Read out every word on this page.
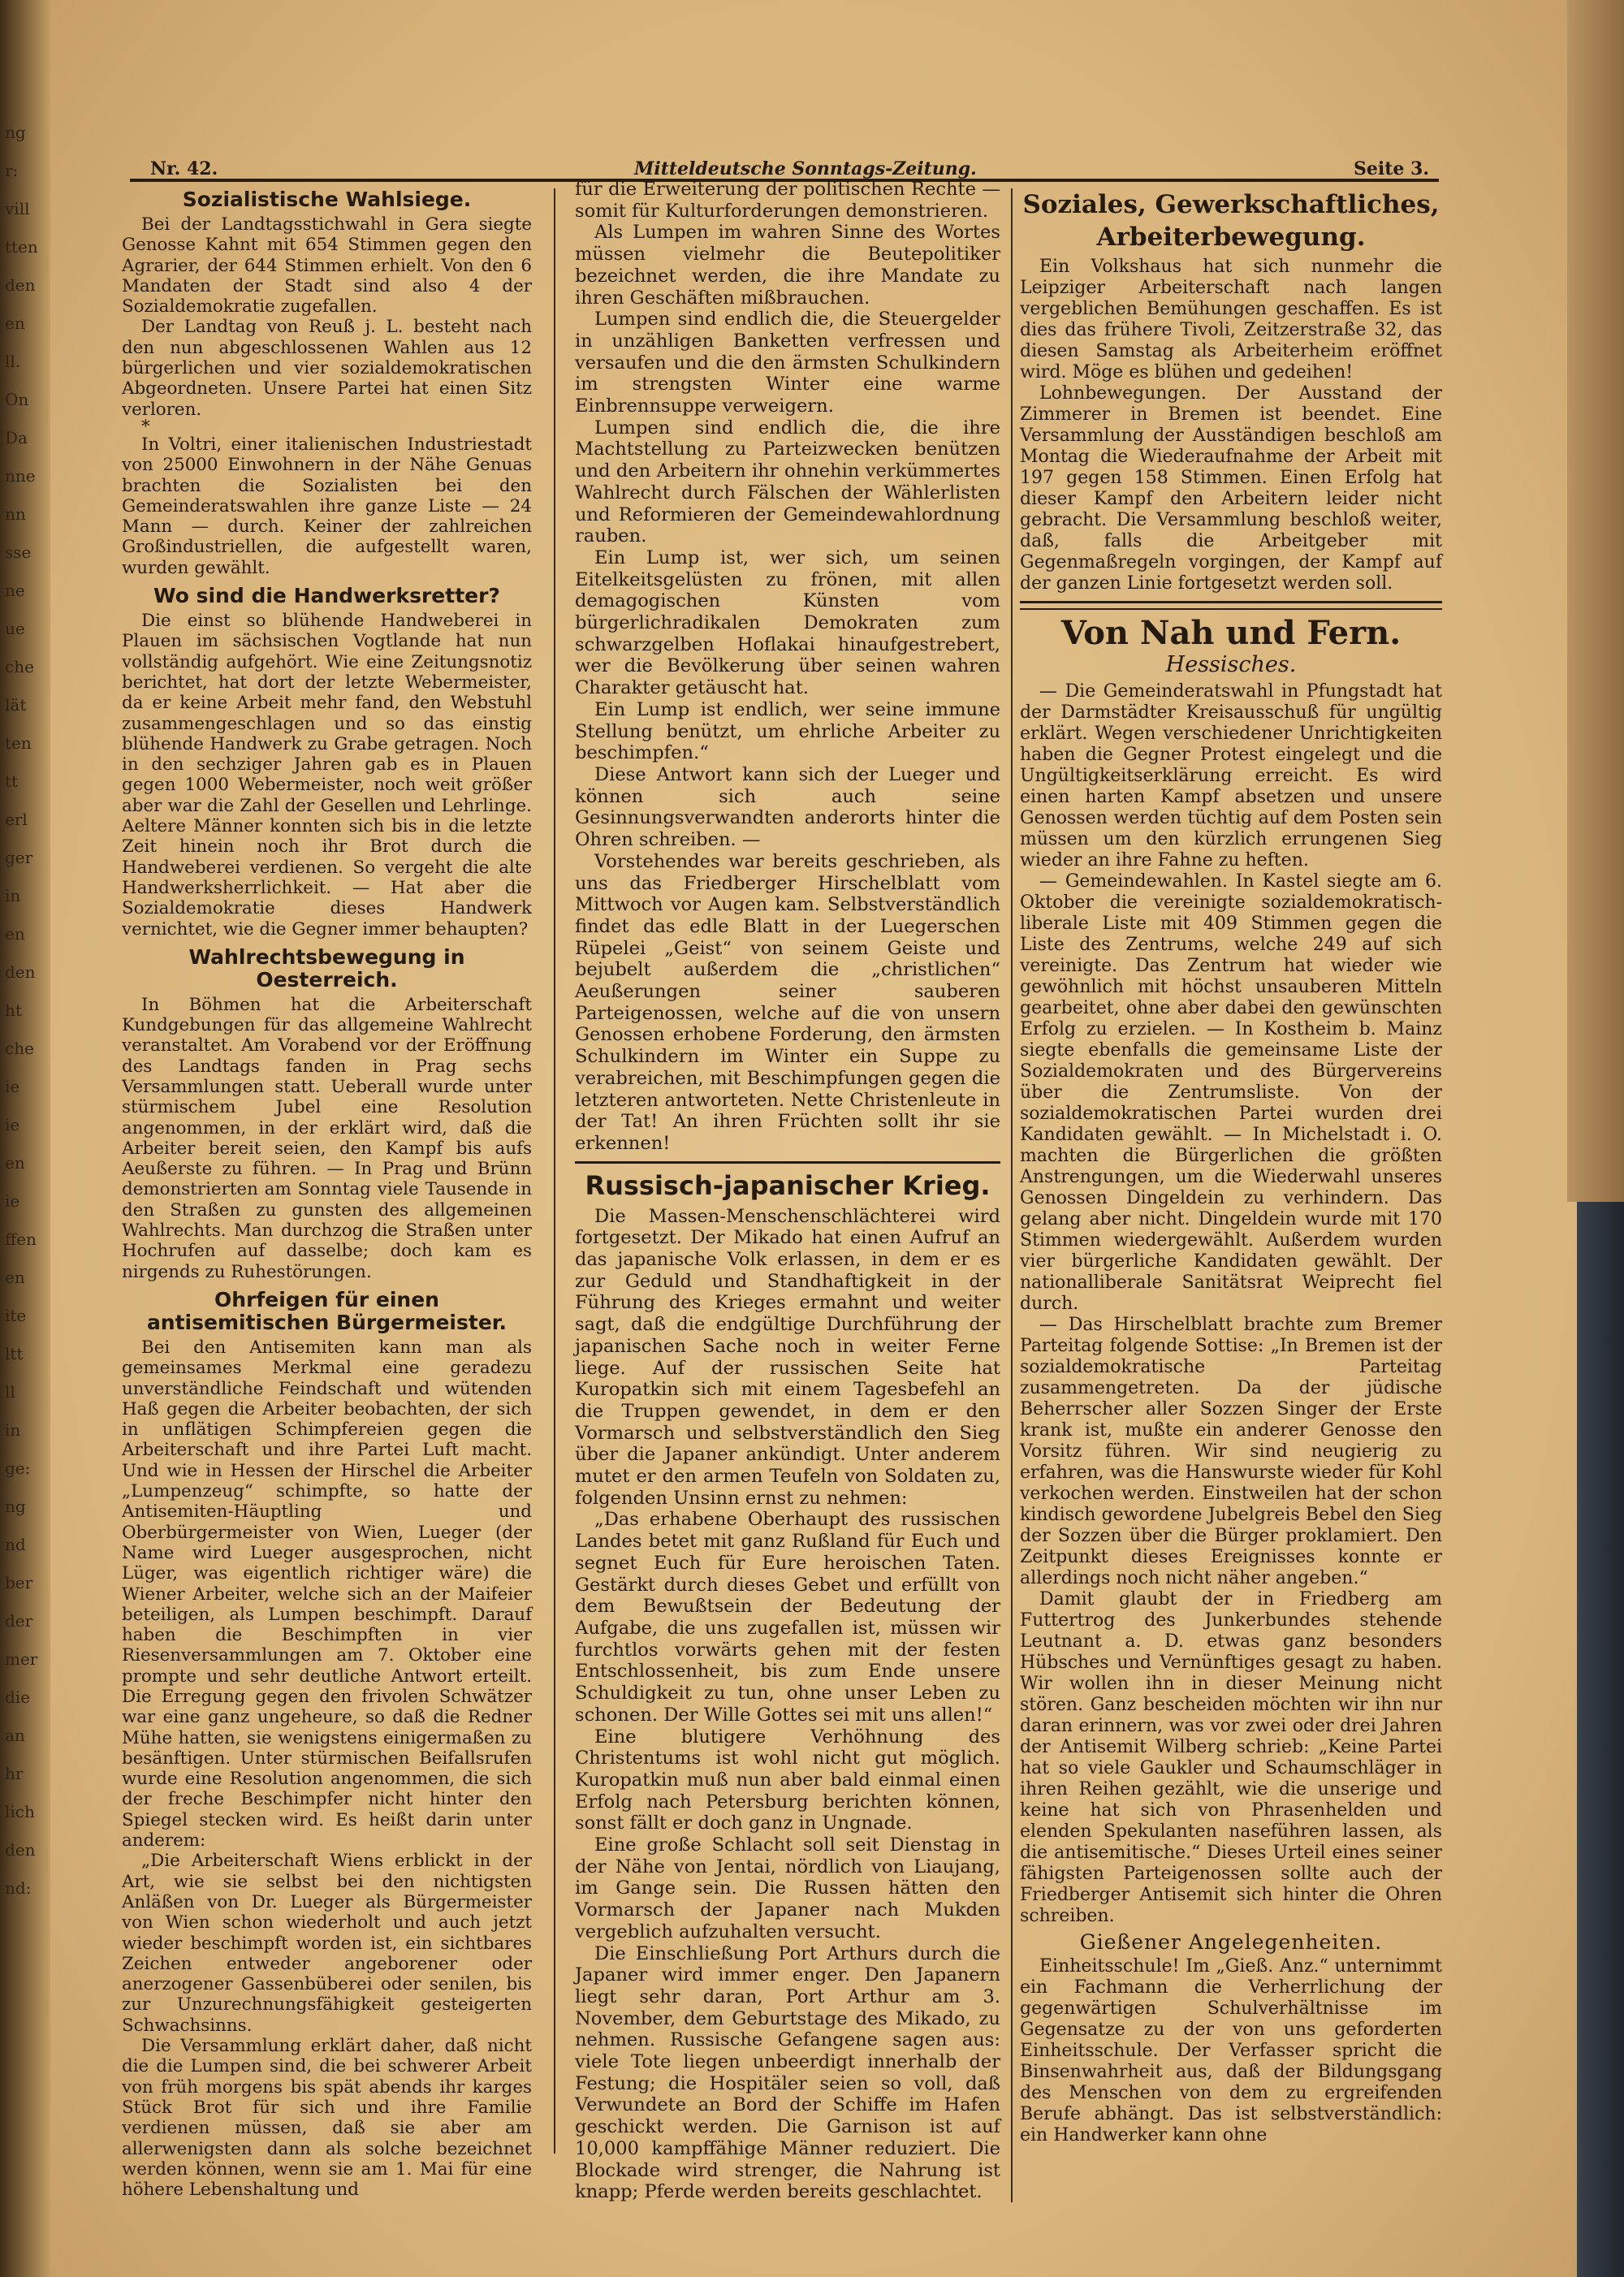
ng
r:
vill
tten
den
en
ll.
On
Da
nne
nn
sse
ne
ue
che
lät
ten
tt
erl
ger
in
en
den
ht
che
ie
ie
en
ie
ffen
en
ite
ltt
ll
in
ge:
ng
nd
ber
der
mer
die
an
hr
lich
den
nd:
Nr. 42.	Mitteldeutsche Sonntags-Zeitung.	Seite 3.
Sozialistische Wahlsiege.

Bei der Landtagsstichwahl in Gera siegte Genosse Kahnt mit 654 Stimmen gegen den Agrarier, der 644 Stimmen erhielt. Von den 6 Mandaten der Stadt sind also 4 der Sozialdemokratie zugefallen.

Der Landtag von Reuß j. L. besteht nach den nun abgeschlossenen Wahlen aus 12 bürgerlichen und vier sozialdemokratischen Abgeordneten. Unsere Partei hat einen Sitz verloren.

*

In Voltri, einer italienischen Industriestadt von 25000 Einwohnern in der Nähe Genuas brachten die Sozialisten bei den Gemeinderatswahlen ihre ganze Liste — 24 Mann — durch. Keiner der zahlreichen Großindustriellen, die aufgestellt waren, wurden gewählt.

Wo sind die Handwerksretter?

Die einst so blühende Handweberei in Plauen im sächsischen Vogtlande hat nun vollständig aufgehört. Wie eine Zeitungsnotiz berichtet, hat dort der letzte Webermeister, da er keine Arbeit mehr fand, den Webstuhl zusammengeschlagen und so das einstig blühende Handwerk zu Grabe getragen. Noch in den sechziger Jahren gab es in Plauen gegen 1000 Webermeister, noch weit größer aber war die Zahl der Gesellen und Lehrlinge. Aeltere Männer konnten sich bis in die letzte Zeit hinein noch ihr Brot durch die Handweberei verdienen. So vergeht die alte Handwerksherrlichkeit. — Hat aber die Sozialdemokratie dieses Handwerk vernichtet, wie die Gegner immer behaupten?

Wahlrechtsbewegung in Oesterreich.

In Böhmen hat die Arbeiterschaft Kundgebungen für das allgemeine Wahlrecht veranstaltet. Am Vorabend vor der Eröffnung des Landtags fanden in Prag sechs Versammlungen statt. Ueberall wurde unter stürmischem Jubel eine Resolution angenommen, in der erklärt wird, daß die Arbeiter bereit seien, den Kampf bis aufs Aeußerste zu führen. — In Prag und Brünn demonstrierten am Sonntag viele Tausende in den Straßen zu gunsten des allgemeinen Wahlrechts. Man durchzog die Straßen unter Hochrufen auf dasselbe; doch kam es nirgends zu Ruhestörungen.

Ohrfeigen für einen antisemitischen Bürgermeister.

Bei den Antisemiten kann man als gemeinsames Merkmal eine geradezu unverständliche Feindschaft und wütenden Haß gegen die Arbeiter beobachten, der sich in unflätigen Schimpfereien gegen die Arbeiterschaft und ihre Partei Luft macht. Und wie in Hessen der Hirschel die Arbeiter „Lumpenzeug“ schimpfte, so hatte der Antisemiten-Häuptling und Oberbürgermeister von Wien, Lueger (der Name wird Lueger ausgesprochen, nicht Lüger, was eigentlich richtiger wäre) die Wiener Arbeiter, welche sich an der Maifeier beteiligen, als Lumpen beschimpft. Darauf haben die Beschimpften in vier Riesenversammlungen am 7. Oktober eine prompte und sehr deutliche Antwort erteilt. Die Erregung gegen den frivolen Schwätzer war eine ganz ungeheure, so daß die Redner Mühe hatten, sie wenigstens einigermaßen zu besänftigen. Unter stürmischen Beifallsrufen wurde eine Resolution angenommen, die sich der freche Beschimpfer nicht hinter den Spiegel stecken wird. Es heißt darin unter anderem:

„Die Arbeiterschaft Wiens erblickt in der Art, wie sie selbst bei den nichtigsten Anläßen von Dr. Lueger als Bürgermeister von Wien schon wiederholt und auch jetzt wieder beschimpft worden ist, ein sichtbares Zeichen entweder angeborener oder anerzogener Gassenbüberei oder senilen, bis zur Unzurechnungsfähigkeit gesteigerten Schwachsinns.

Die Versammlung erklärt daher, daß nicht die die Lumpen sind, die bei schwerer Arbeit von früh morgens bis spät abends ihr karges Stück Brot für sich und ihre Familie verdienen müssen, daß sie aber am allerwenigsten dann als solche bezeichnet werden können, wenn sie am 1. Mai für eine höhere Lebenshaltung und

für die Erweiterung der politischen Rechte — somit für Kulturforderungen demonstrieren.

Als Lumpen im wahren Sinne des Wortes müssen vielmehr die Beutepolitiker bezeichnet werden, die ihre Mandate zu ihren Geschäften mißbrauchen.

Lumpen sind endlich die, die Steuergelder in unzähligen Banketten verfressen und versaufen und die den ärmsten Schulkindern im strengsten Winter eine warme Einbrennsuppe verweigern.

Lumpen sind endlich die, die ihre Machtstellung zu Parteizwecken benützen und den Arbeitern ihr ohnehin verkümmertes Wahlrecht durch Fälschen der Wählerlisten und Reformieren der Gemeindewahlordnung rauben.

Ein Lump ist, wer sich, um seinen Eitelkeitsgelüsten zu frönen, mit allen demagogischen Künsten vom bürgerlichradikalen Demokraten zum schwarzgelben Hoflakai hinaufgestrebert, wer die Bevölkerung über seinen wahren Charakter getäuscht hat.

Ein Lump ist endlich, wer seine immune Stellung benützt, um ehrliche Arbeiter zu beschimpfen.“

Diese Antwort kann sich der Lueger und können sich auch seine Gesinnungsverwandten anderorts hinter die Ohren schreiben. —

Vorstehendes war bereits geschrieben, als uns das Friedberger Hirschelblatt vom Mittwoch vor Augen kam. Selbstverständlich findet das edle Blatt in der Luegerschen Rüpelei „Geist“ von seinem Geiste und bejubelt außerdem die „christlichen“ Aeußerungen seiner sauberen Parteigenossen, welche auf die von unsern Genossen erhobene Forderung, den ärmsten Schulkindern im Winter ein Suppe zu verabreichen, mit Beschimpfungen gegen die letzteren antworteten. Nette Christenleute in der Tat! An ihren Früchten sollt ihr sie erkennen!

Russisch-japanischer Krieg.

Die Massen-Menschenschlächterei wird fortgesetzt. Der Mikado hat einen Aufruf an das japanische Volk erlassen, in dem er es zur Geduld und Standhaftigkeit in der Führung des Krieges ermahnt und weiter sagt, daß die endgültige Durchführung der japanischen Sache noch in weiter Ferne liege. Auf der russischen Seite hat Kuropatkin sich mit einem Tagesbefehl an die Truppen gewendet, in dem er den Vormarsch und selbstverständlich den Sieg über die Japaner ankündigt. Unter anderem mutet er den armen Teufeln von Soldaten zu, folgenden Unsinn ernst zu nehmen:

„Das erhabene Oberhaupt des russischen Landes betet mit ganz Rußland für Euch und segnet Euch für Eure heroischen Taten. Gestärkt durch dieses Gebet und erfüllt von dem Bewußtsein der Bedeutung der Aufgabe, die uns zugefallen ist, müssen wir furchtlos vorwärts gehen mit der festen Entschlossenheit, bis zum Ende unsere Schuldigkeit zu tun, ohne unser Leben zu schonen. Der Wille Gottes sei mit uns allen!“

Eine blutigere Verhöhnung des Christentums ist wohl nicht gut möglich. Kuropatkin muß nun aber bald einmal einen Erfolg nach Petersburg berichten können, sonst fällt er doch ganz in Ungnade.

Eine große Schlacht soll seit Dienstag in der Nähe von Jentai, nördlich von Liaujang, im Gange sein. Die Russen hätten den Vormarsch der Japaner nach Mukden vergeblich aufzuhalten versucht.

Die Einschließung Port Arthurs durch die Japaner wird immer enger. Den Japanern liegt sehr daran, Port Arthur am 3. November, dem Geburtstage des Mikado, zu nehmen. Russische Gefangene sagen aus: viele Tote liegen unbeerdigt innerhalb der Festung; die Hospitäler seien so voll, daß Verwundete an Bord der Schiffe im Hafen geschickt werden. Die Garnison ist auf 10,000 kampffähige Männer reduziert. Die Blockade wird strenger, die Nahrung ist knapp; Pferde werden bereits geschlachtet.

Soziales, Gewerkschaftliches, Arbeiterbewegung.

Ein Volkshaus hat sich nunmehr die Leipziger Arbeiterschaft nach langen vergeblichen Bemühungen geschaffen. Es ist dies das frühere Tivoli, Zeitzerstraße 32, das diesen Samstag als Arbeiterheim eröffnet wird. Möge es blühen und gedeihen!

Lohnbewegungen. Der Ausstand der Zimmerer in Bremen ist beendet. Eine Versammlung der Ausständigen beschloß am Montag die Wiederaufnahme der Arbeit mit 197 gegen 158 Stimmen. Einen Erfolg hat dieser Kampf den Arbeitern leider nicht gebracht. Die Versammlung beschloß weiter, daß, falls die Arbeitgeber mit Gegenmaßregeln vorgingen, der Kampf auf der ganzen Linie fortgesetzt werden soll.

Von Nah und Fern.
Hessisches.

— Die Gemeinderatswahl in Pfungstadt hat der Darmstädter Kreisausschuß für ungültig erklärt. Wegen verschiedener Unrichtigkeiten haben die Gegner Protest eingelegt und die Ungültigkeitserklärung erreicht. Es wird einen harten Kampf absetzen und unsere Genossen werden tüchtig auf dem Posten sein müssen um den kürzlich errungenen Sieg wieder an ihre Fahne zu heften.

— Gemeindewahlen. In Kastel siegte am 6. Oktober die vereinigte sozialdemokratisch-liberale Liste mit 409 Stimmen gegen die Liste des Zentrums, welche 249 auf sich vereinigte. Das Zentrum hat wieder wie gewöhnlich mit höchst unsauberen Mitteln gearbeitet, ohne aber dabei den gewünschten Erfolg zu erzielen. — In Kostheim b. Mainz siegte ebenfalls die gemeinsame Liste der Sozialdemokraten und des Bürgervereins über die Zentrumsliste. Von der sozialdemokratischen Partei wurden drei Kandidaten gewählt. — In Michelstadt i. O. machten die Bürgerlichen die größten Anstrengungen, um die Wiederwahl unseres Genossen Dingeldein zu verhindern. Das gelang aber nicht. Dingeldein wurde mit 170 Stimmen wiedergewählt. Außerdem wurden vier bürgerliche Kandidaten gewählt. Der nationalliberale Sanitätsrat Weiprecht fiel durch.

— Das Hirschelblatt brachte zum Bremer Parteitag folgende Sottise: „In Bremen ist der sozialdemokratische Parteitag zusammengetreten. Da der jüdische Beherrscher aller Sozzen Singer der Erste krank ist, mußte ein anderer Genosse den Vorsitz führen. Wir sind neugierig zu erfahren, was die Hanswurste wieder für Kohl verkochen werden. Einstweilen hat der schon kindisch gewordene Jubelgreis Bebel den Sieg der Sozzen über die Bürger proklamiert. Den Zeitpunkt dieses Ereignisses konnte er allerdings noch nicht näher angeben.“

Damit glaubt der in Friedberg am Futtertrog des Junkerbundes stehende Leutnant a. D. etwas ganz besonders Hübsches und Vernünftiges gesagt zu haben. Wir wollen ihn in dieser Meinung nicht stören. Ganz bescheiden möchten wir ihn nur daran erinnern, was vor zwei oder drei Jahren der Antisemit Wilberg schrieb: „Keine Partei hat so viele Gaukler und Schaumschläger in ihren Reihen gezählt, wie die unserige und keine hat sich von Phrasenhelden und elenden Spekulanten naseführen lassen, als die antisemitische.“ Dieses Urteil eines seiner fähigsten Parteigenossen sollte auch der Friedberger Antisemit sich hinter die Ohren schreiben.

Gießener Angelegenheiten.

Einheitsschule! Im „Gieß. Anz.“ unternimmt ein Fachmann die Verherrlichung der gegenwärtigen Schulverhältnisse im Gegensatze zu der von uns geforderten Einheitsschule. Der Verfasser spricht die Binsenwahrheit aus, daß der Bildungsgang des Menschen von dem zu ergreifenden Berufe abhängt. Das ist selbstverständlich: ein Handwerker kann ohne
